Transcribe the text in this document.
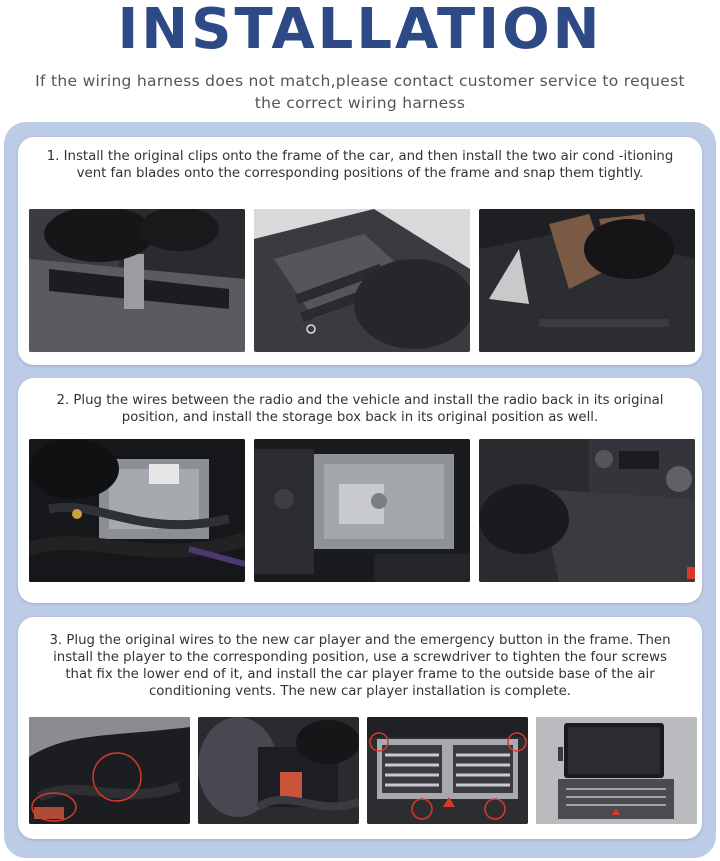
INSTALLATION
If the wiring harness does not match,please contact customer service to request the correct wiring harness
1. Install the original clips onto the frame of the car, and then install the two air cond -itioning vent fan blades onto the corresponding positions of the frame and snap them tightly.
2. Plug the wires between the radio and the vehicle and install the radio back in its original position, and install the storage box back in its original position as well.
3. Plug the original wires to the new car player and the emergency button in the frame. Then install the player to the corresponding position, use a screwdriver to tighten the four screws that fix the lower end of it, and install the car player frame to the outside base of the air conditioning vents. The new car player installation is complete.
